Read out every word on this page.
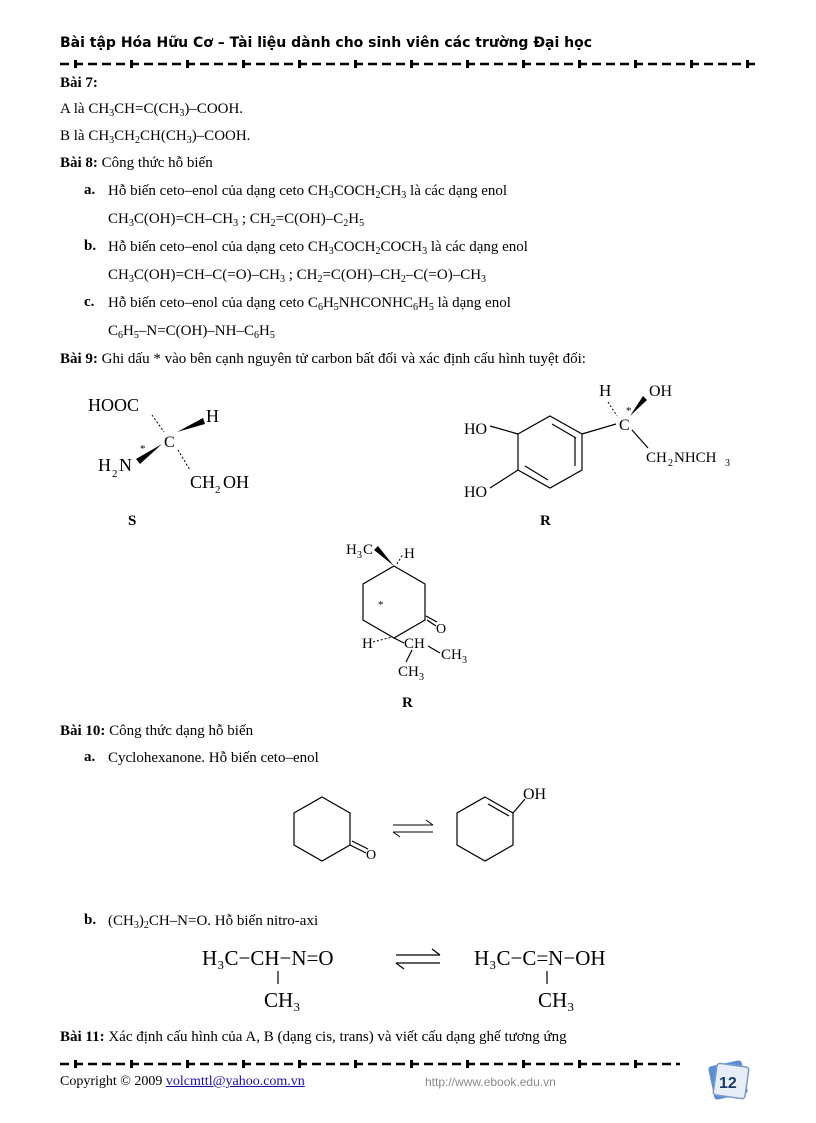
Bài tập Hóa Hữu Cơ – Tài liệu dành cho sinh viên các trường Đại học
Bài 7:
A là $CH_3CH=C(CH_3)$–COOH.
B là $CH_3CH_2CH(CH_3)$–COOH.
Bài 8: Công thức hỗ biến
a. Hỗ biến ceto–enol của dạng ceto $CH_3COCH_2CH_3$ là các dạng enol
$CH_3C(OH)=CH-CH_3$ ; $CH_2=C(OH)-C_2H_5$
b. Hỗ biến ceto–enol của dạng ceto $CH_3COCH_2COCH_3$ là các dạng enol
$CH_3C(OH)=CH-C(=O)-CH_3$ ; $CH_2=C(OH)-CH_2-C(=O)-CH_3$
c. Hỗ biến ceto–enol của dạng ceto $C_6H_5NHCONHC_6H_5$ là dạng enol
$C_6H_5-N=C(OH)-NH-C_6H_5$
Bài 9: Ghi dấu * vào bên cạnh nguyên tử carbon bất đối và xác định cấu hình tuyệt đối:
HOOC
H
C
*
H 2 N
CH 2 OH
S
HO
HO
C
*
H OH
CH 2 NHCH 3
R
O
H 3 C H
*
H CH
CH 3
CH 3
R
Bài 10: Công thức dạng hỗ biến
a. Cyclohexanone. Hỗ biến ceto–enol
O
OH
b. $(CH_3)_2CH-N=O$. Hỗ biến nitro-axi
H₃C−CH−N=O
CH₃
H₃C−C=N−OH
CH₃
Bài 11: Xác định cấu hình của A, B (dạng cis, trans) và viết cấu dạng ghế tương ứng
Copyright © 2009 volcmttl@yahoo.com.vn	http://www.ebook.edu.vn	12
